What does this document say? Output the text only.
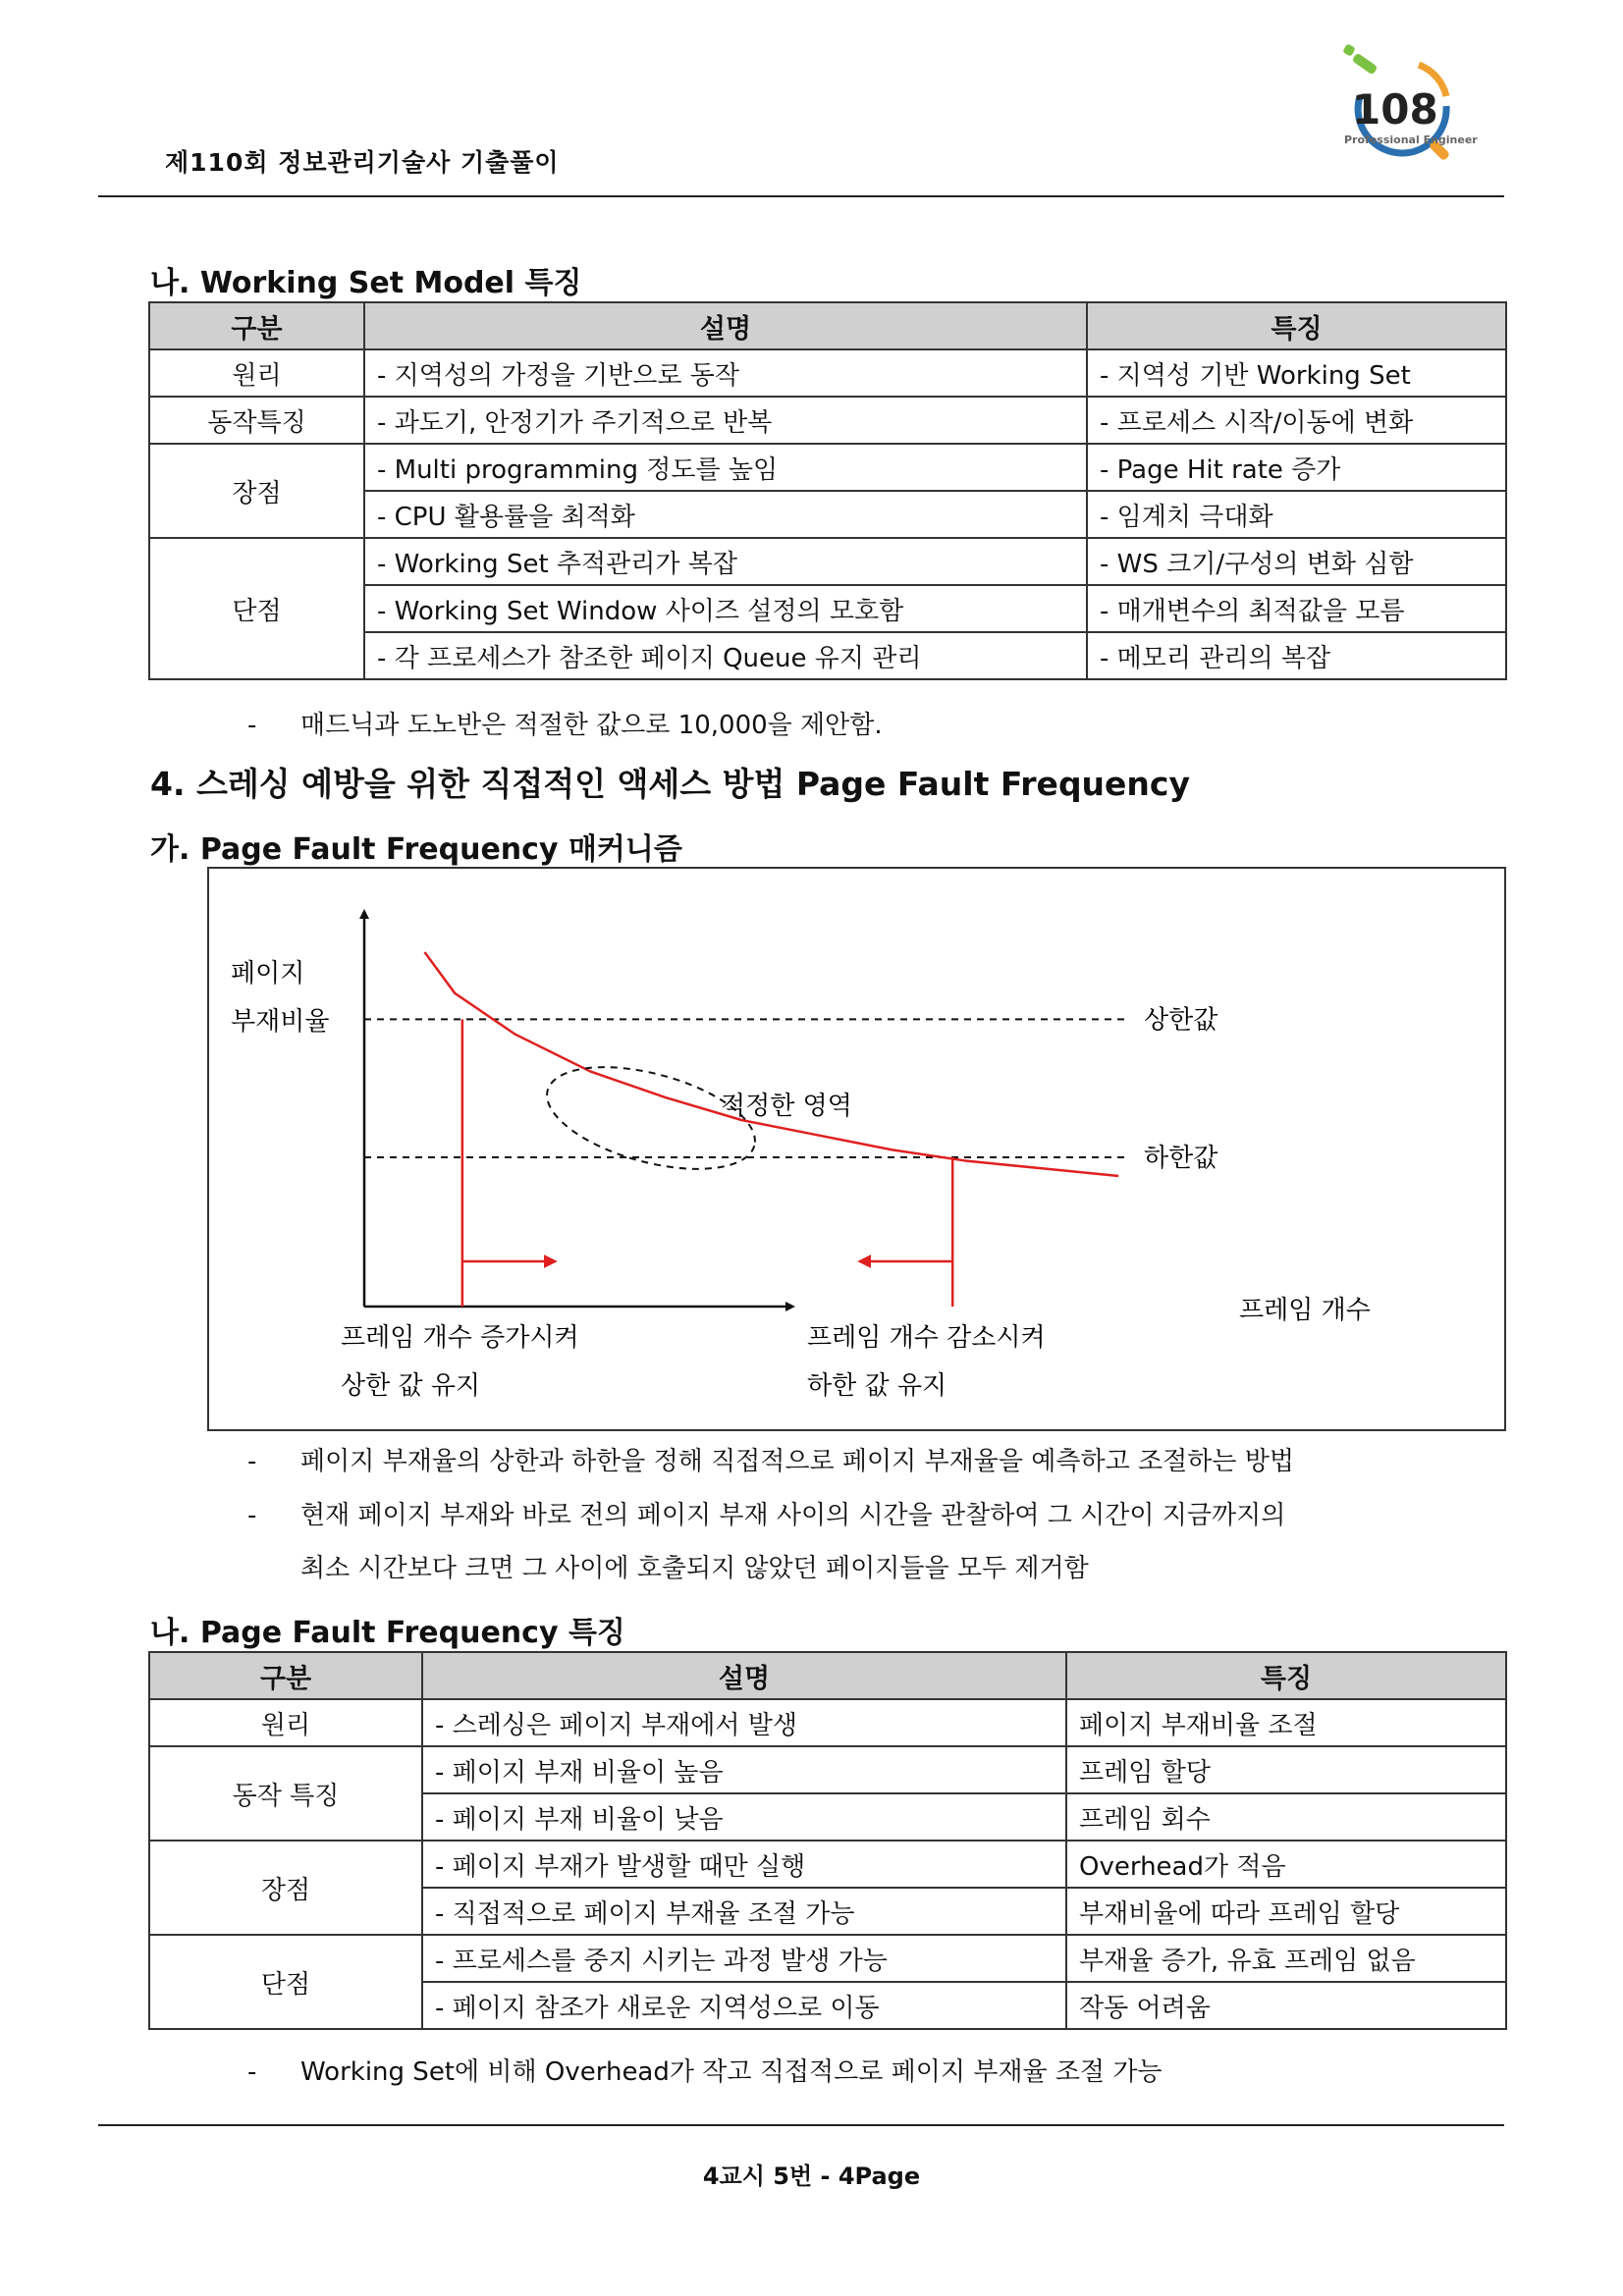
제110회 정보관리기술사 기출풀이
108
Professional Engineer
나. Working Set Model 특징
구분	설명	특징
원리	- 지역성의 가정을 기반으로 동작	- 지역성 기반 Working Set
동작특징	- 과도기, 안정기가 주기적으로 반복	- 프로세스 시작/이동에 변화
장점	- Multi programming 정도를 높임	- Page Hit rate 증가
	- CPU 활용률을 최적화	- 임계치 극대화
단점	- Working Set 추적관리가 복잡	- WS 크기/구성의 변화 심함
	- Working Set Window 사이즈 설정의 모호함	- 매개변수의 최적값을 모름
	- 각 프로세스가 참조한 페이지 Queue 유지 관리	- 메모리 관리의 복잡
- 매드닉과 도노반은 적절한 값으로 10,000을 제안함.
4. 스레싱 예방을 위한 직접적인 액세스 방법 Page Fault Frequency
가. Page Fault Frequency 매커니즘
페이지
부재비율
프레임 개수
상한값
하한값
적정한 영역
프레임 개수 증가시켜
상한 값 유지
프레임 개수 감소시켜
하한 값 유지
- 페이지 부재율의 상한과 하한을 정해 직접적으로 페이지 부재율을 예측하고 조절하는 방법
- 현재 페이지 부재와 바로 전의 페이지 부재 사이의 시간을 관찰하여 그 시간이 지금까지의
최소 시간보다 크면 그 사이에 호출되지 않았던 페이지들을 모두 제거함
나. Page Fault Frequency 특징
구분	설명	특징
원리	- 스레싱은 페이지 부재에서 발생	페이지 부재비율 조절
동작 특징	- 페이지 부재 비율이 높음	프레임 할당
	- 페이지 부재 비율이 낮음	프레임 회수
장점	- 페이지 부재가 발생할 때만 실행	Overhead가 적음
	- 직접적으로 페이지 부재율 조절 가능	부재비율에 따라 프레임 할당
단점	- 프로세스를 중지 시키는 과정 발생 가능	부재율 증가, 유효 프레임 없음
	- 페이지 참조가 새로운 지역성으로 이동	작동 어려움
- Working Set에 비해 Overhead가 작고 직접적으로 페이지 부재율 조절 가능
4교시 5번 - 4Page
